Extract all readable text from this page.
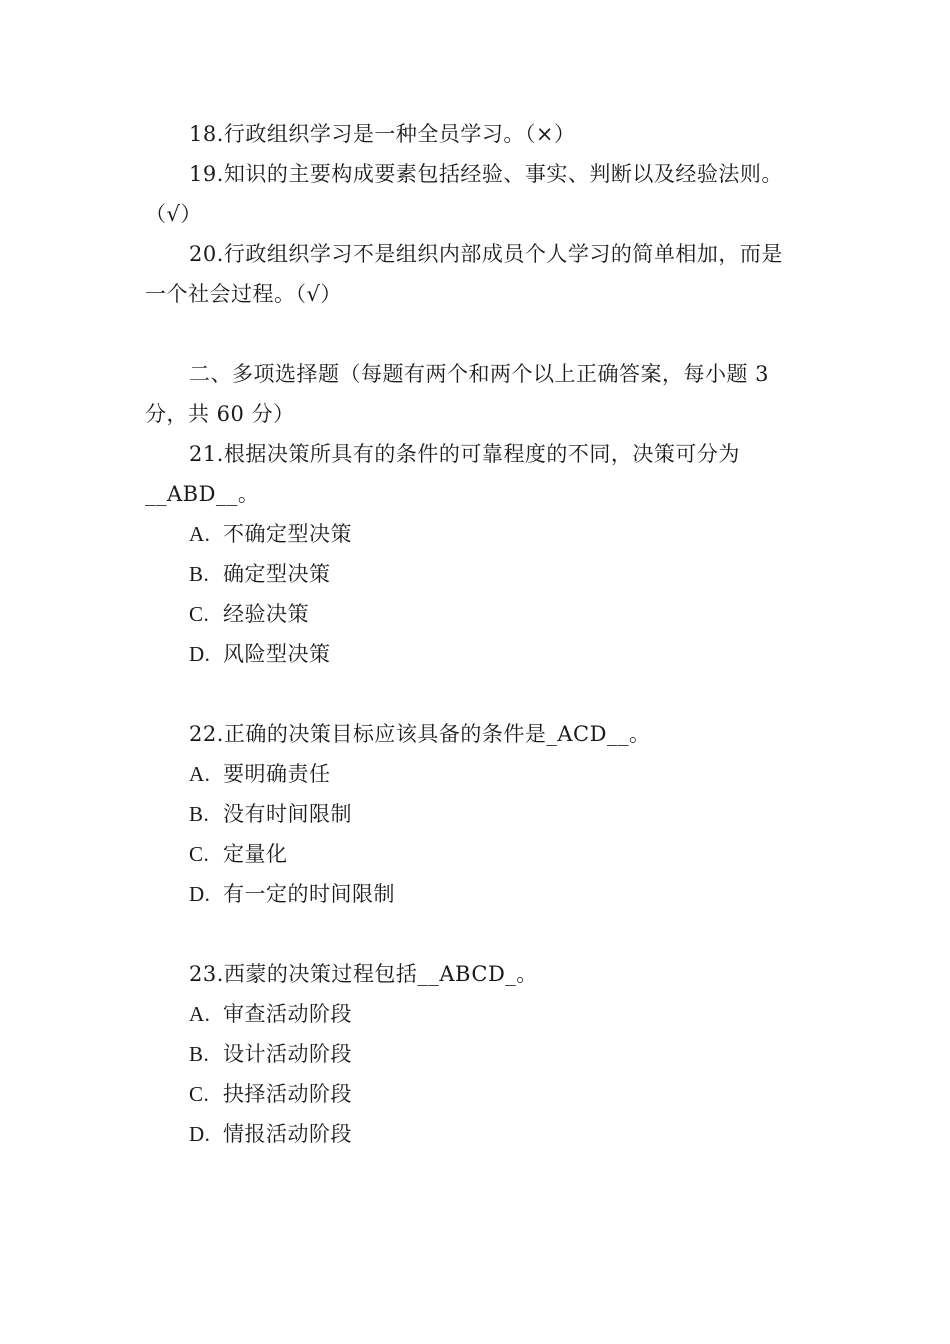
18.行政组织学习是一种全员学习。（×）
19.知识的主要构成要素包括经验、事实、判断以及经验法则。
（√）
20.行政组织学习不是组织内部成员个人学习的简单相加，而是
一个社会过程。（√）
二、多项选择题（每题有两个和两个以上正确答案，每小题 3
分，共 60 分）
21.根据决策所具有的条件的可靠程度的不同，决策可分为
__ABD__。
A. 不确定型决策
B. 确定型决策
C. 经验决策
D. 风险型决策
22.正确的决策目标应该具备的条件是_ACD__。
A. 要明确责任
B. 没有时间限制
C. 定量化
D. 有一定的时间限制
23.西蒙的决策过程包括__ABCD_。
A. 审查活动阶段
B. 设计活动阶段
C. 抉择活动阶段
D. 情报活动阶段
